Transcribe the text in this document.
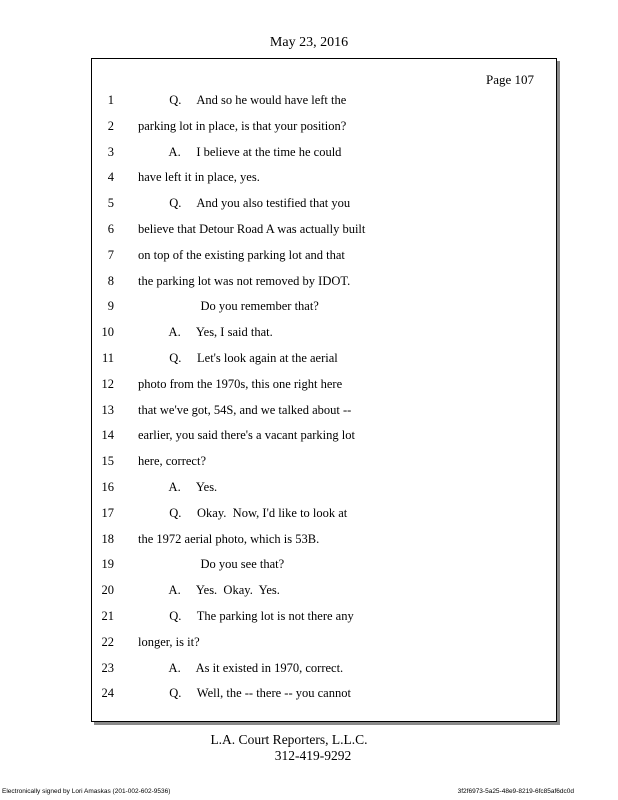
May 23, 2016
Page 107
1 Q.     And so he would have left the
2 parking lot in place, is that your position?
3 A.     I believe at the time he could
4 have left it in place, yes.
5 Q.     And you also testified that you
6 believe that Detour Road A was actually built
7 on top of the existing parking lot and that
8 the parking lot was not removed by IDOT.
9 Do you remember that?
10 A.     Yes, I said that.
11 Q.     Let's look again at the aerial
12 photo from the 1970s, this one right here
13 that we've got, 54S, and we talked about --
14 earlier, you said there's a vacant parking lot
15 here, correct?
16 A.     Yes.
17 Q.     Okay.  Now, I'd like to look at
18 the 1972 aerial photo, which is 53B.
19 Do you see that?
20 A.     Yes.  Okay.  Yes.
21 Q.     The parking lot is not there any
22 longer, is it?
23 A.     As it existed in 1970, correct.
24 Q.     Well, the -- there -- you cannot
L.A. Court Reporters, L.L.C.
312-419-9292
Electronically signed by Lori Amaskas (201-002-602-9536)	3f2f6973-5a25-48e9-8219-6fc85af6dc0d
